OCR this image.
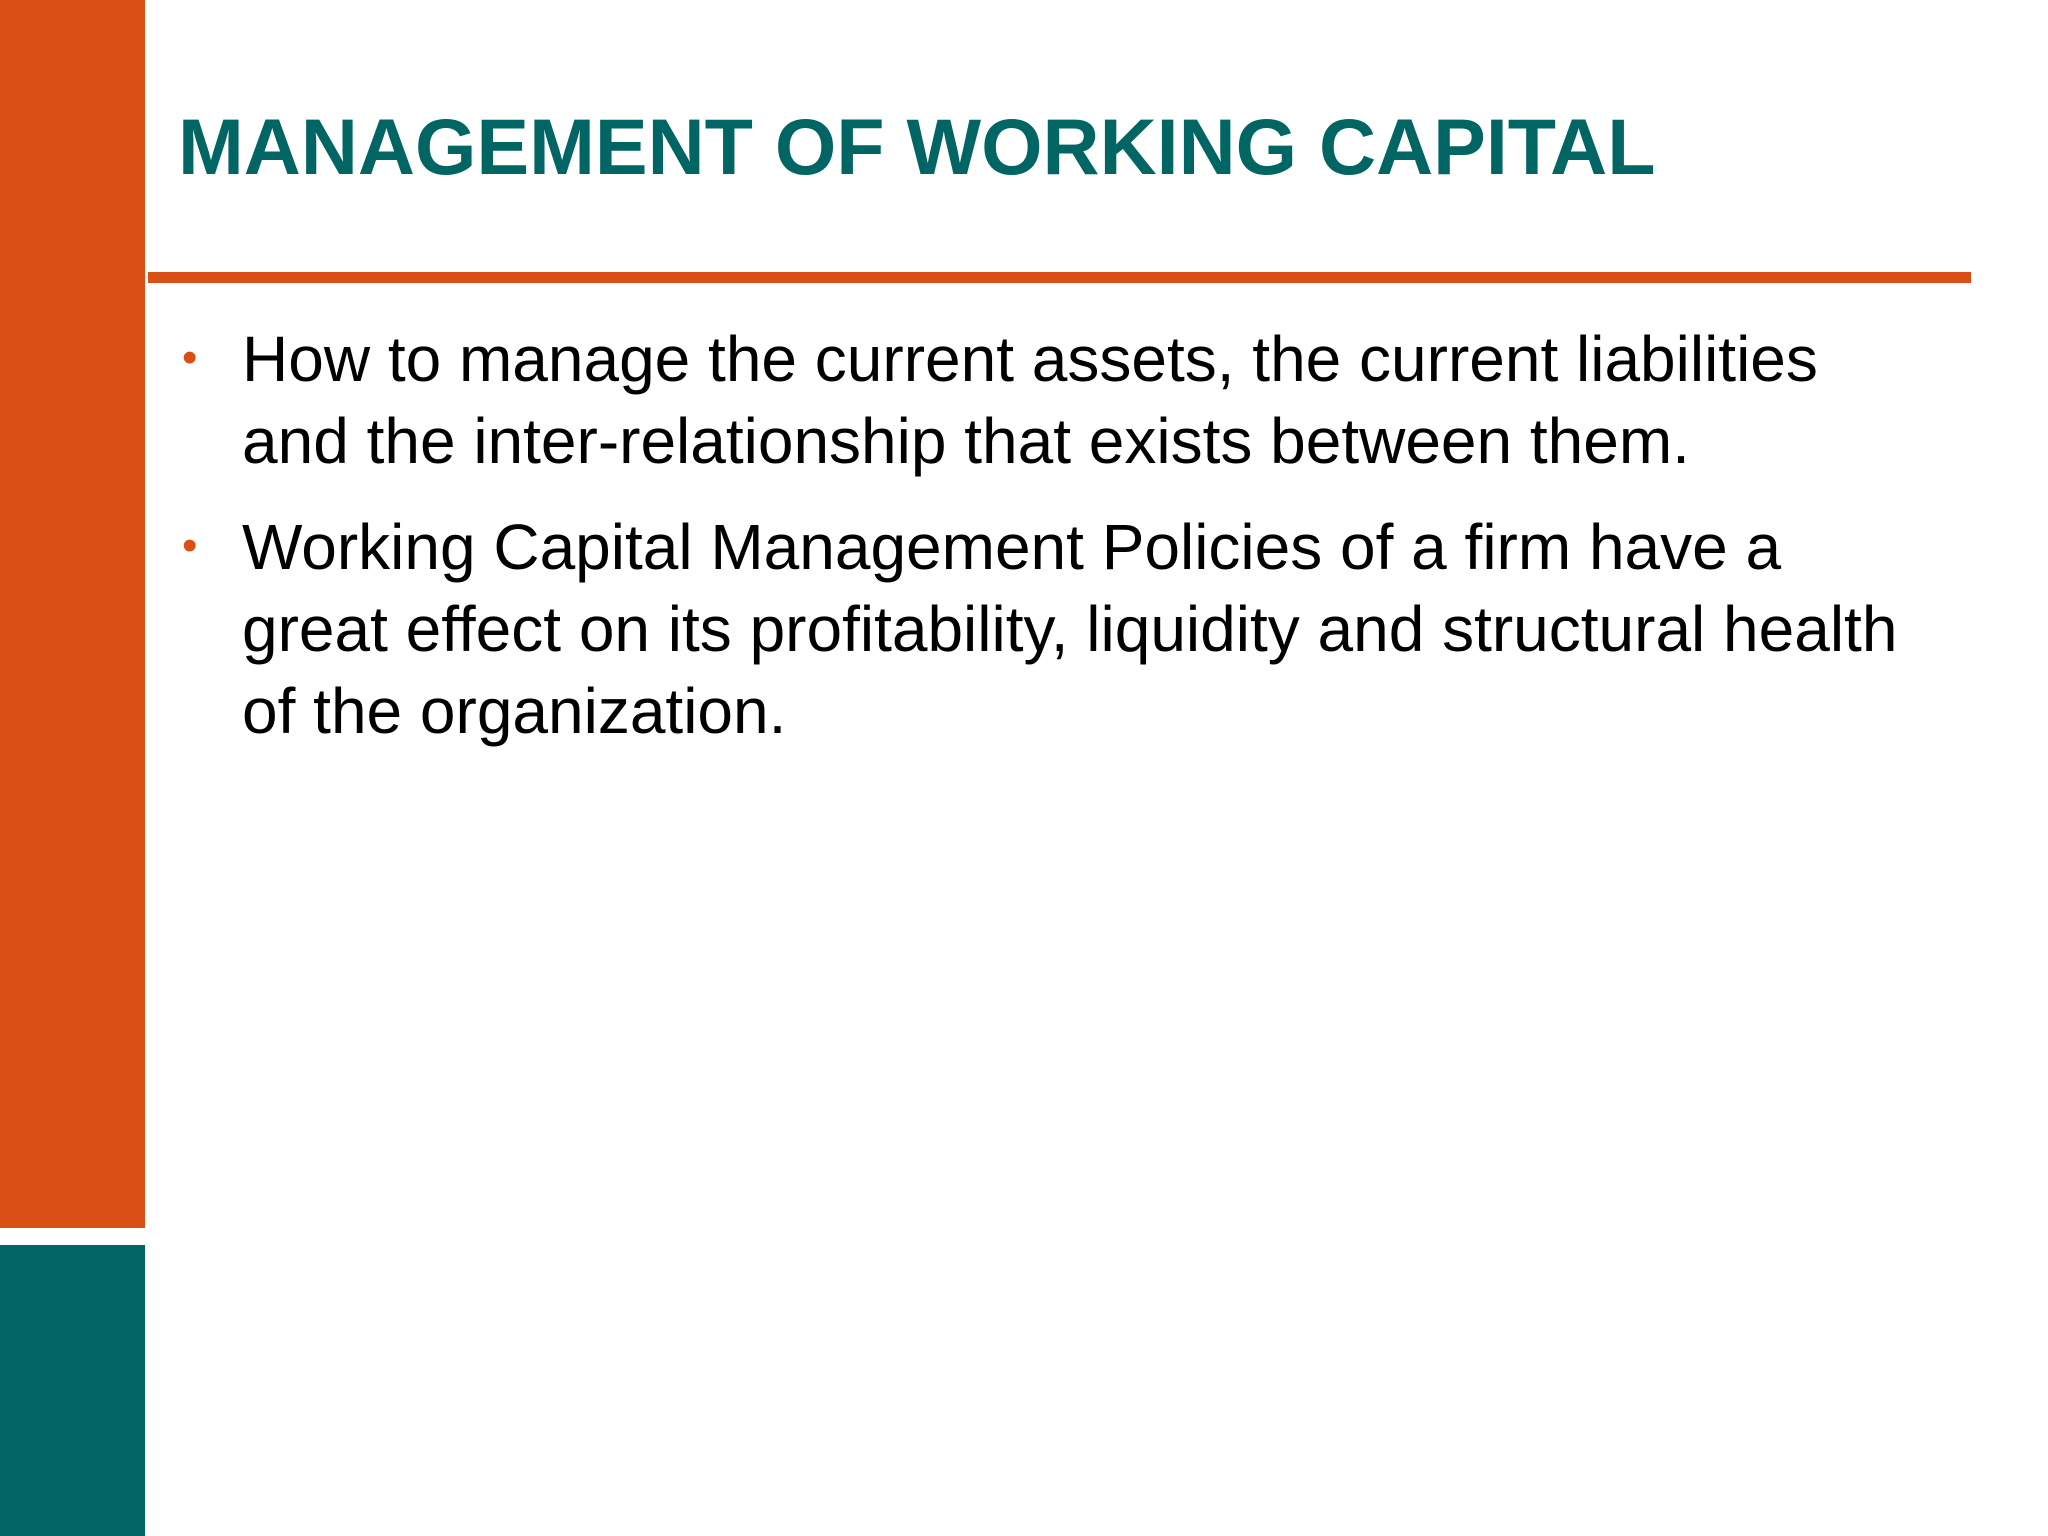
MANAGEMENT OF WORKING CAPITAL
• How to manage the current assets, the current liabilities and the inter-relationship that exists between them.
• Working Capital Management Policies of a firm have a great effect on its profitability, liquidity and structural health of the organization.
